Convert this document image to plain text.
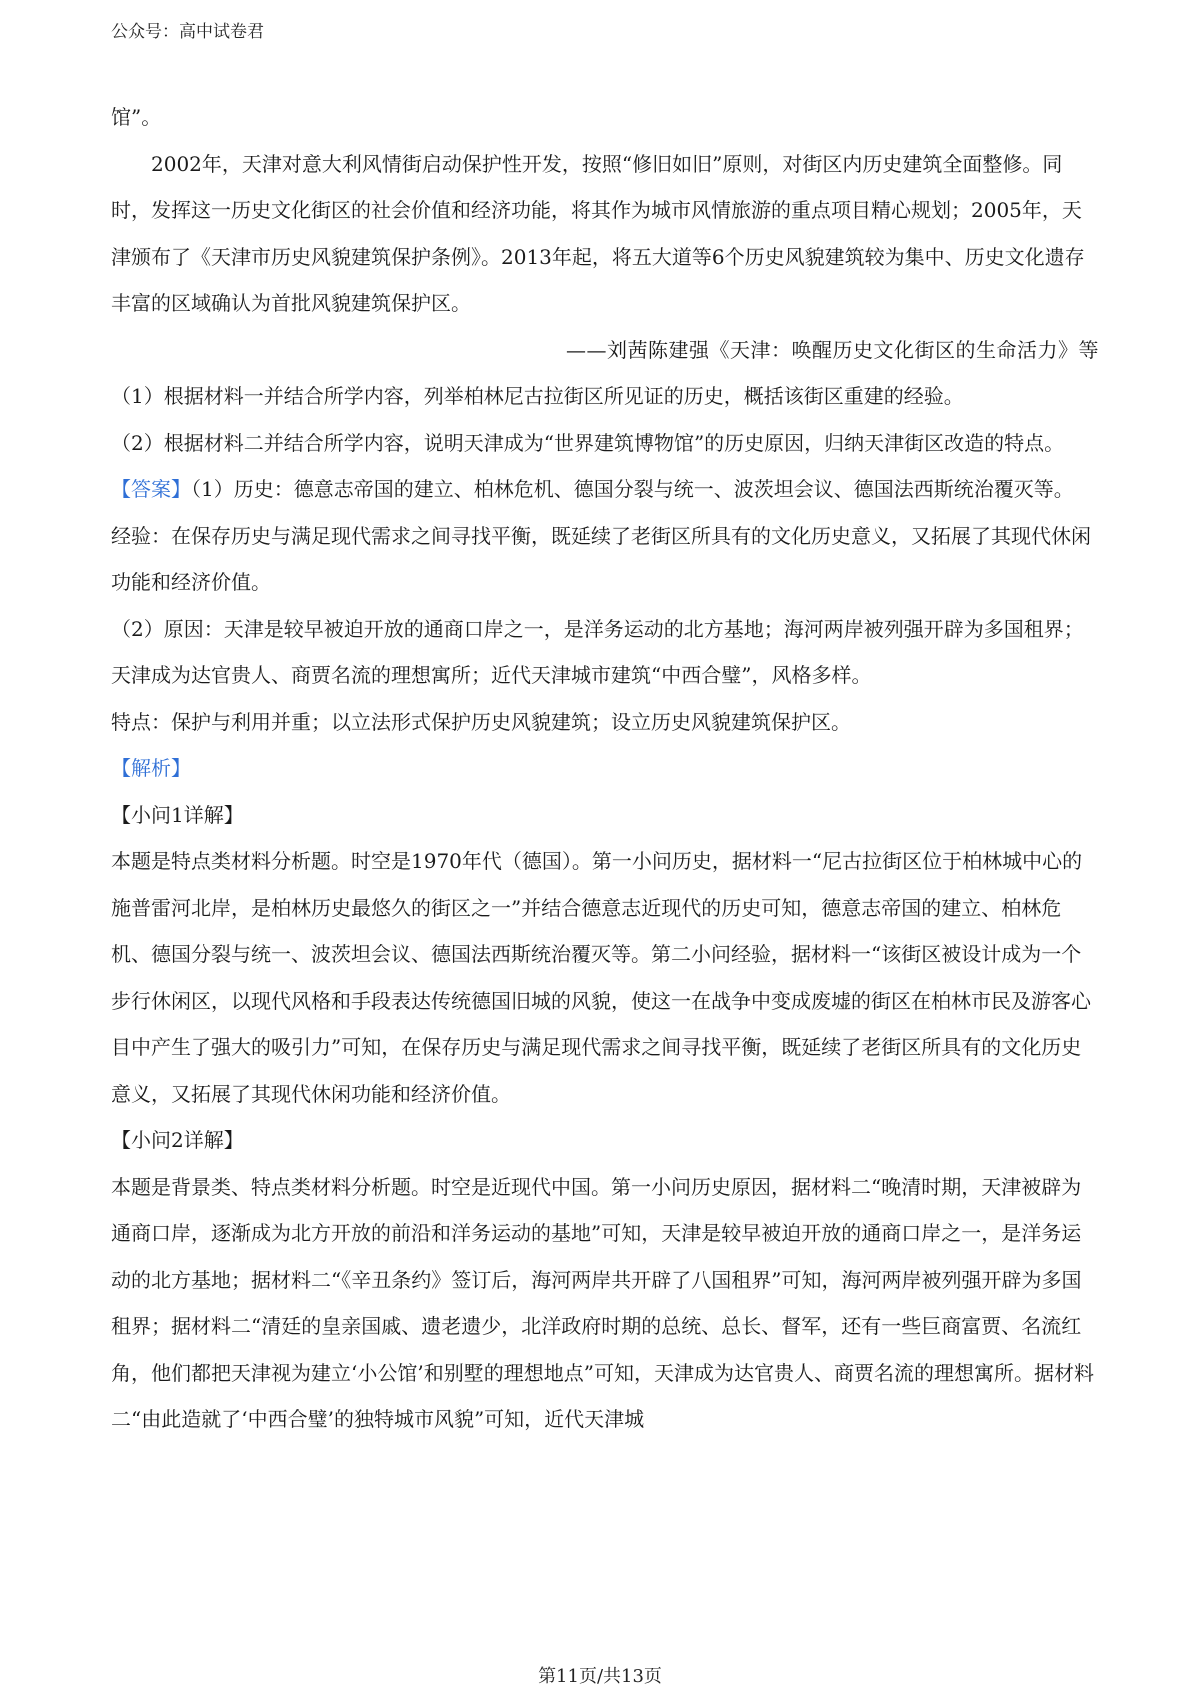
公众号：高中试卷君

馆”。

2002年，天津对意大利风情街启动保护性开发，按照“修旧如旧”原则，对街区内历史建筑全面整修。同时，发挥这一历史文化街区的社会价值和经济功能，将其作为城市风情旅游的重点项目精心规划；2005年，天津颁布了《天津市历史风貌建筑保护条例》。2013年起，将五大道等6个历史风貌建筑较为集中、历史文化遗存丰富的区域确认为首批风貌建筑保护区。

——刘茜陈建强《天津：唤醒历史文化街区的生命活力》等

（1）根据材料一并结合所学内容，列举柏林尼古拉街区所见证的历史，概括该街区重建的经验。

（2）根据材料二并结合所学内容，说明天津成为“世界建筑博物馆”的历史原因，归纳天津街区改造的特点。

【答案】（1）历史：德意志帝国的建立、柏林危机、德国分裂与统一、波茨坦会议、德国法西斯统治覆灭等。

经验：在保存历史与满足现代需求之间寻找平衡，既延续了老街区所具有的文化历史意义，又拓展了其现代休闲功能和经济价值。

（2）原因：天津是较早被迫开放的通商口岸之一，是洋务运动的北方基地；海河两岸被列强开辟为多国租界；天津成为达官贵人、商贾名流的理想寓所；近代天津城市建筑“中西合璧”，风格多样。

特点：保护与利用并重；以立法形式保护历史风貌建筑；设立历史风貌建筑保护区。

【解析】

【小问1详解】

本题是特点类材料分析题。时空是1970年代（德国）。第一小问历史，据材料一“尼古拉街区位于柏林城中心的施普雷河北岸，是柏林历史最悠久的街区之一”并结合德意志近现代的历史可知，德意志帝国的建立、柏林危机、德国分裂与统一、波茨坦会议、德国法西斯统治覆灭等。第二小问经验，据材料一“该街区被设计成为一个步行休闲区，以现代风格和手段表达传统德国旧城的风貌，使这一在战争中变成废墟的街区在柏林市民及游客心目中产生了强大的吸引力”可知，在保存历史与满足现代需求之间寻找平衡，既延续了老街区所具有的文化历史意义，又拓展了其现代休闲功能和经济价值。

【小问2详解】

本题是背景类、特点类材料分析题。时空是近现代中国。第一小问历史原因，据材料二“晚清时期，天津被辟为通商口岸，逐渐成为北方开放的前沿和洋务运动的基地”可知，天津是较早被迫开放的通商口岸之一，是洋务运动的北方基地；据材料二“《辛丑条约》签订后，海河两岸共开辟了八国租界”可知，海河两岸被列强开辟为多国租界；据材料二“清廷的皇亲国戚、遗老遗少，北洋政府时期的总统、总长、督军，还有一些巨商富贾、名流红角，他们都把天津视为建立‘小公馆’和别墅的理想地点”可知，天津成为达官贵人、商贾名流的理想寓所。据材料二“由此造就了‘中西合璧’的独特城市风貌”可知，近代天津城

第11页/共13页
